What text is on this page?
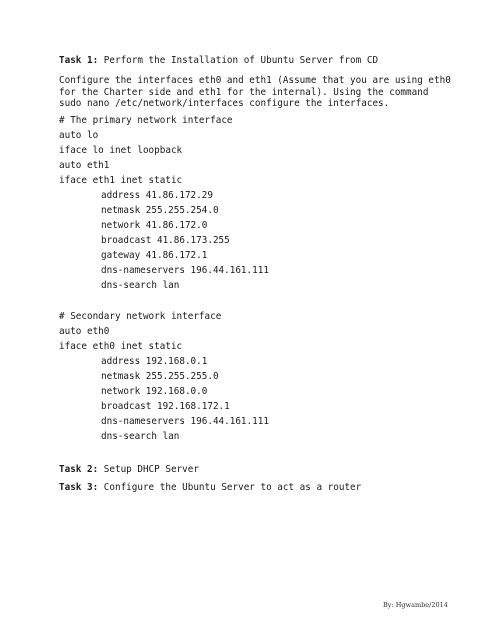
Task 1: Perform the Installation of Ubuntu Server from CD
Configure the interfaces eth0 and eth1 (Assume that you are using eth0
for the Charter side and eth1 for the internal). Using the command
sudo nano /etc/network/interfaces configure the interfaces.
# The primary network interface
auto lo
iface lo inet loopback
auto eth1
iface eth1 inet static
address 41.86.172.29
netmask 255.255.254.0
network 41.86.172.0
broadcast 41.86.173.255
gateway 41.86.172.1
dns-nameservers 196.44.161.111
dns-search lan
# Secondary network interface
auto eth0
iface eth0 inet static
address 192.168.0.1
netmask 255.255.255.0
network 192.168.0.0
broadcast 192.168.172.1
dns-nameservers 196.44.161.111
dns-search lan
Task 2: Setup DHCP Server
Task 3: Configure the Ubuntu Server to act as a router
By: Hgwambe/2014
